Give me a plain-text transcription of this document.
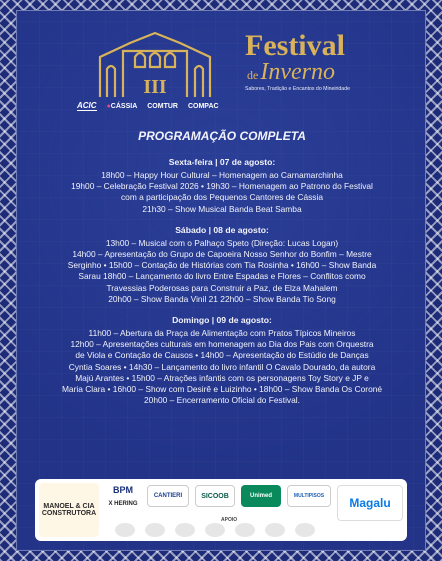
III
Festival
deInverno
Sabores, Tradição e Encantos do Mineiridade
ACIC ●CÁSSIA COMTUR COMPAC
PROGRAMAÇÃO COMPLETA
Sexta-feira | 07 de agosto:
18h00 – Happy Hour Cultural – Homenagem ao Carnamarchinha
19h00 – Celebração Festival 2026 • 19h30 – Homenagem ao Patrono do Festival
com a participação dos Pequenos Cantores de Cássia
21h30 – Show Musical Banda Beat Samba
Sábado | 08 de agosto:
13h00 – Musical com o Palhaço Speto (Direção: Lucas Logan)
14h00 – Apresentação do Grupo de Capoeira Nosso Senhor do Bonfim – Mestre
Serginho • 15h00 – Contação de Histórias com Tia Rosinha • 16h00 – Show Banda
Sarau 18h00 – Lançamento do livro Entre Espadas e Flores – Conflitos como
Travessias Poderosas para Construir a Paz, de Elza Mahalem
20h00 – Show Banda Vinil 21 22h00 – Show Banda Tio Song
Domingo | 09 de agosto:
11h00 – Abertura da Praça de Alimentação com Pratos Típicos Mineiros
12h00 – Apresentações culturais em homenagem ao Dia dos Pais com Orquestra
de Viola e Contação de Causos • 14h00 – Apresentação do Estúdio de Danças
Cyntia Soares • 14h30 – Lançamento do livro infantil O Cavalo Dourado, da autora
Majú Arantes • 15h00 – Atrações infantis com os personagens Toy Story e JP e
Maria Clara • 16h00 – Show com Desirê e Luizinho • 18h00 – Show Banda Os Coroné
20h00 – Encerramento Oficial do Festival.
MANOEL & CIA CONSTRUTORA
BPM
X HERING
CANTIERI	SICOOB	Unimed	MULTIPISOS	Magalu
APOIO
